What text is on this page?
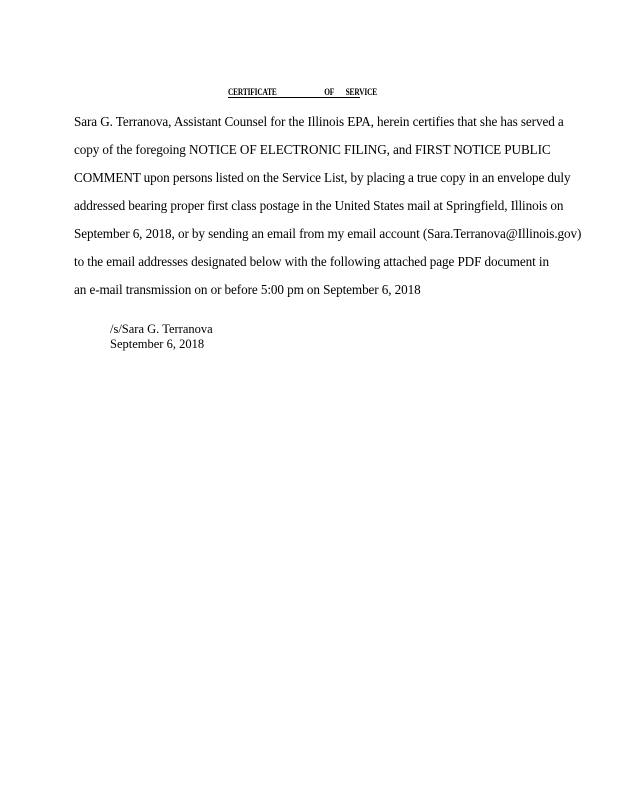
CERTIFICATE	OF SERVICE
Sara G. Terranova, Assistant Counsel for the Illinois EPA, herein certifies that she has served a
copy of the foregoing NOTICE OF ELECTRONIC FILING, and FIRST NOTICE PUBLIC
COMMENT upon persons listed on the Service List, by placing a true copy in an envelope duly
addressed bearing proper first class postage in the United States mail at Springfield, Illinois on
September 6, 2018, or by sending an email from my email account (Sara.Terranova@Illinois.gov)
to the email addresses designated below with the following attached page PDF document in
an e-mail transmission on or before 5:00 pm on September 6, 2018
/s/Sara G. Terranova
September 6, 2018
